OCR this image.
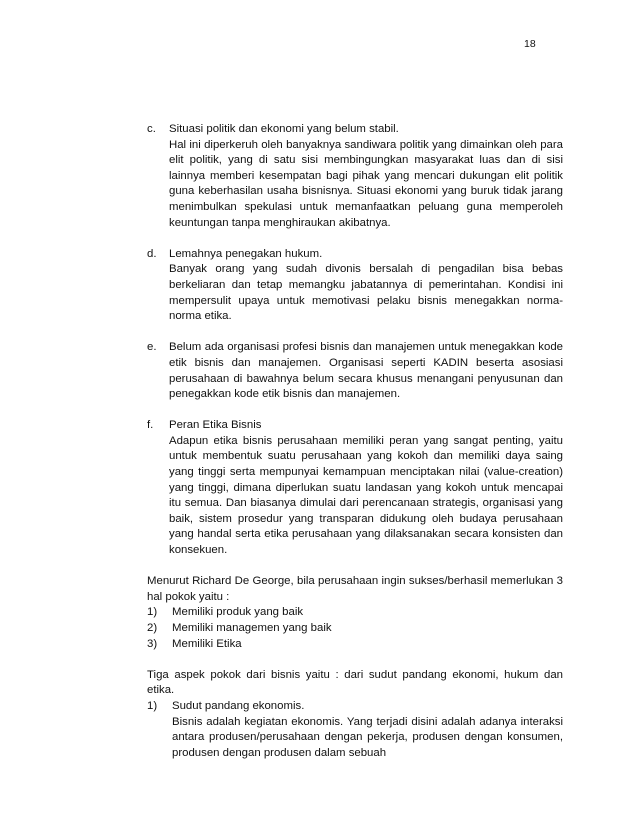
18
c. Situasi politik dan ekonomi yang belum stabil.
Hal ini diperkeruh oleh banyaknya sandiwara politik yang dimainkan oleh para elit politik, yang di satu sisi membingungkan masyarakat luas dan di sisi lainnya memberi kesempatan bagi pihak yang mencari dukungan elit politik guna keberhasilan usaha bisnisnya. Situasi ekonomi yang buruk tidak jarang menimbulkan spekulasi untuk memanfaatkan peluang guna memperoleh keuntungan tanpa menghiraukan akibatnya.
d. Lemahnya penegakan hukum.
Banyak orang yang sudah divonis bersalah di pengadilan bisa bebas berkeliaran dan tetap memangku jabatannya di pemerintahan. Kondisi ini mempersulit upaya untuk memotivasi pelaku bisnis menegakkan norma-norma etika.
e. Belum ada organisasi profesi bisnis dan manajemen untuk menegakkan kode etik bisnis dan manajemen. Organisasi seperti KADIN beserta asosiasi perusahaan di bawahnya belum secara khusus menangani penyusunan dan penegakkan kode etik bisnis dan manajemen.
f. Peran Etika Bisnis
Adapun etika bisnis perusahaan memiliki peran yang sangat penting, yaitu untuk membentuk suatu perusahaan yang kokoh dan memiliki daya saing yang tinggi serta mempunyai kemampuan menciptakan nilai (value-creation) yang tinggi, dimana diperlukan suatu landasan yang kokoh untuk mencapai itu semua. Dan biasanya dimulai dari perencanaan strategis, organisasi yang baik, sistem prosedur yang transparan didukung oleh budaya perusahaan yang handal serta etika perusahaan yang dilaksanakan secara konsisten dan konsekuen.
Menurut Richard De George, bila perusahaan ingin sukses/berhasil memerlukan 3 hal pokok yaitu :
1) Memiliki produk yang baik
2) Memiliki managemen yang baik
3) Memiliki Etika
Tiga aspek pokok dari bisnis yaitu : dari sudut pandang ekonomi, hukum dan etika.
1) Sudut pandang ekonomis.
Bisnis adalah kegiatan ekonomis. Yang terjadi disini adalah adanya interaksi antara produsen/perusahaan dengan pekerja, produsen dengan konsumen, produsen dengan produsen dalam sebuah
